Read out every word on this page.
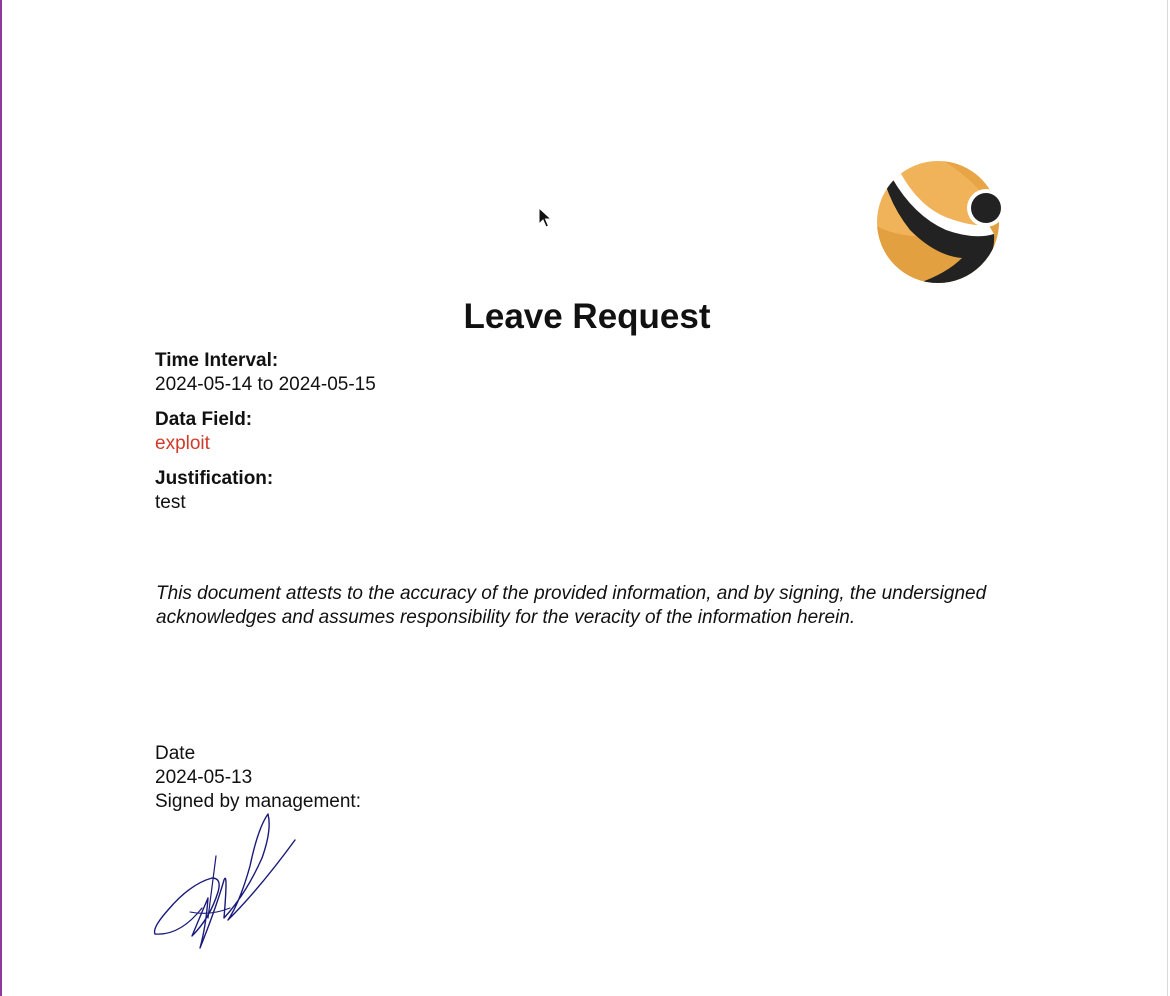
Leave Request
Time Interval:
2024-05-14 to 2024-05-15
Data Field:
exploit
Justification:
test
This document attests to the accuracy of the provided information, and by signing, the undersigned
acknowledges and assumes responsibility for the veracity of the information herein.
Date
2024-05-13
Signed by management:
